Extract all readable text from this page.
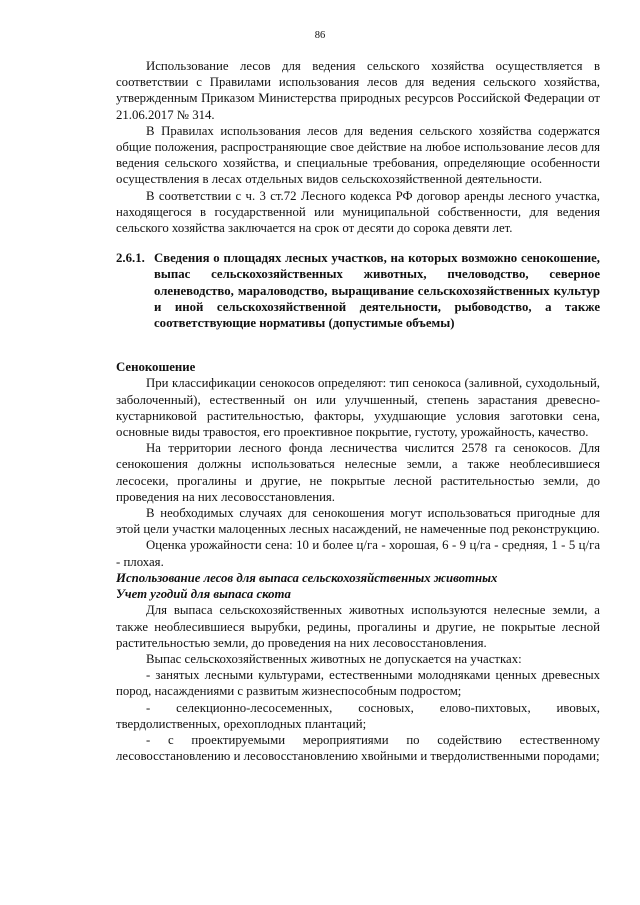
86

Использование лесов для ведения сельского хозяйства осуществляется в соответствии с Правилами использования лесов для ведения сельского хозяйства, утвержденным Приказом Министерства природных ресурсов Российской Федерации от 21.06.2017 № 314.

В Правилах использования лесов для ведения сельского хозяйства содержатся общие положения, распространяющие свое действие на любое использование лесов для ведения сельского хозяйства, и специальные требования, определяющие особенности осуществления в лесах отдельных видов сельскохозяйственной деятельности.

В соответствии с ч. 3 ст.72 Лесного кодекса РФ договор аренды лесного участка, находящегося в государственной или муниципальной собственности, для ведения сельского хозяйства заключается на срок от десяти до сорока девяти лет.

2.6.1. Сведения о площадях лесных участков, на которых возможно сенокошение, выпас сельскохозяйственных животных, пчеловодство, северное оленеводство, мараловодство, выращивание сельскохозяйственных культур и иной сельскохозяйственной деятельности, рыбоводство, а также соответствующие нормативы (допустимые объемы)

Сенокошение

При классификации сенокосов определяют: тип сенокоса (заливной, суходольный, заболоченный), естественный он или улучшенный, степень зарастания древесно-кустарниковой растительностью, факторы, ухудшающие условия заготовки сена, основные виды травостоя, его проективное покрытие, густоту, урожайность, качество.

На территории лесного фонда лесничества числится 2578 га сенокосов. Для сенокошения должны использоваться нелесные земли, а также необлесившиеся лесосеки, прогалины и другие, не покрытые лесной растительностью земли, до проведения на них лесовосстановления.

В необходимых случаях для сенокошения могут использоваться пригодные для этой цели участки малоценных лесных насаждений, не намеченные под реконструкцию.

Оценка урожайности сена: 10 и более ц/га - хорошая, 6 - 9 ц/га - средняя, 1 - 5 ц/га - плохая.

Использование лесов для выпаса сельскохозяйственных животных

Учет угодий для выпаса скота

Для выпаса сельскохозяйственных животных используются нелесные земли, а также необлесившиеся вырубки, редины, прогалины и другие, не покрытые лесной растительностью земли, до проведения на них лесовосстановления.

Выпас сельскохозяйственных животных не допускается на участках:

- занятых лесными культурами, естественными молодняками ценных древесных пород, насаждениями с развитым жизнеспособным подростом;

- селекционно-лесосеменных, сосновых, елово-пихтовых, ивовых, твердолиственных, орехоплодных плантаций;

- с проектируемыми мероприятиями по содействию естественному лесовосстановлению и лесовосстановлению хвойными и твердолиственными породами;
